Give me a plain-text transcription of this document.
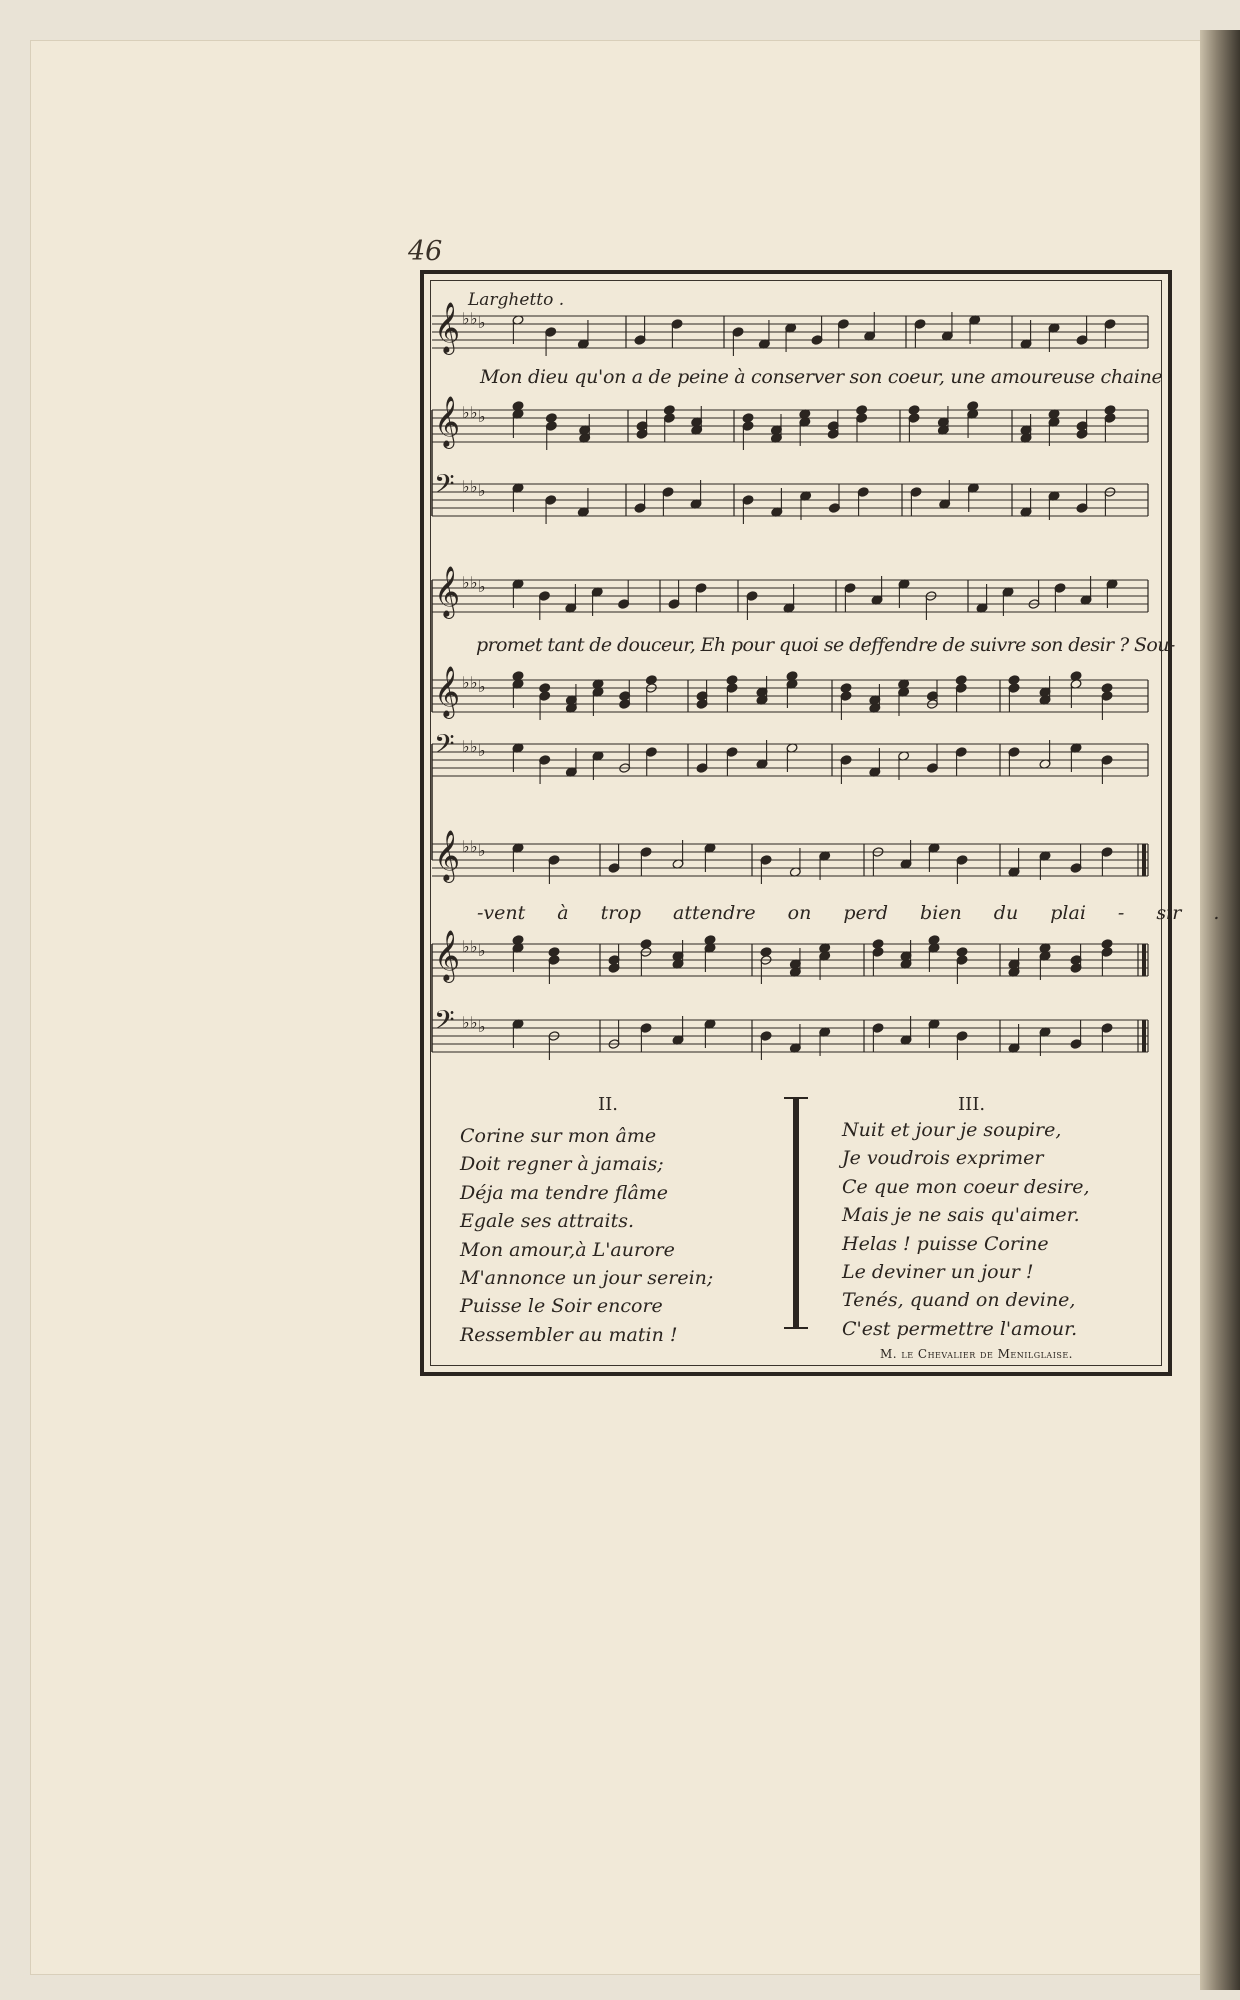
46
𝄞 ♭ ♭ ♭
𝄞 ♭ ♭ ♭
𝄢 ♭ ♭ ♭
𝄞 ♭ ♭ ♭
𝄞 ♭ ♭ ♭
𝄢 ♭ ♭ ♭
𝄞 ♭ ♭ ♭
𝄞 ♭ ♭ ♭
𝄢 ♭ ♭ ♭
Larghetto .
Mon dieu qu'on a de peine à conserver son coeur, une amoureuse chaine
promet tant de douceur, Eh pour quoi se deffendre de suivre son desir ? Sou-
-vent à trop attendre on perd bien du plai - sir .
II.
Corine sur mon âme
Doit regner à jamais;
Déja ma tendre flâme
Egale ses attraits.
Mon amour,à L'aurore
M'annonce un jour serein;
Puisse le Soir encore
Ressembler au matin !
III.
Nuit et jour je soupire,
Je voudrois exprimer
Ce que mon coeur desire,
Mais je ne sais qu'aimer.
Helas ! puisse Corine
Le deviner un jour !
Tenés, quand on devine,
C'est permettre l'amour.
M. le Chevalier de Menilglaise.
